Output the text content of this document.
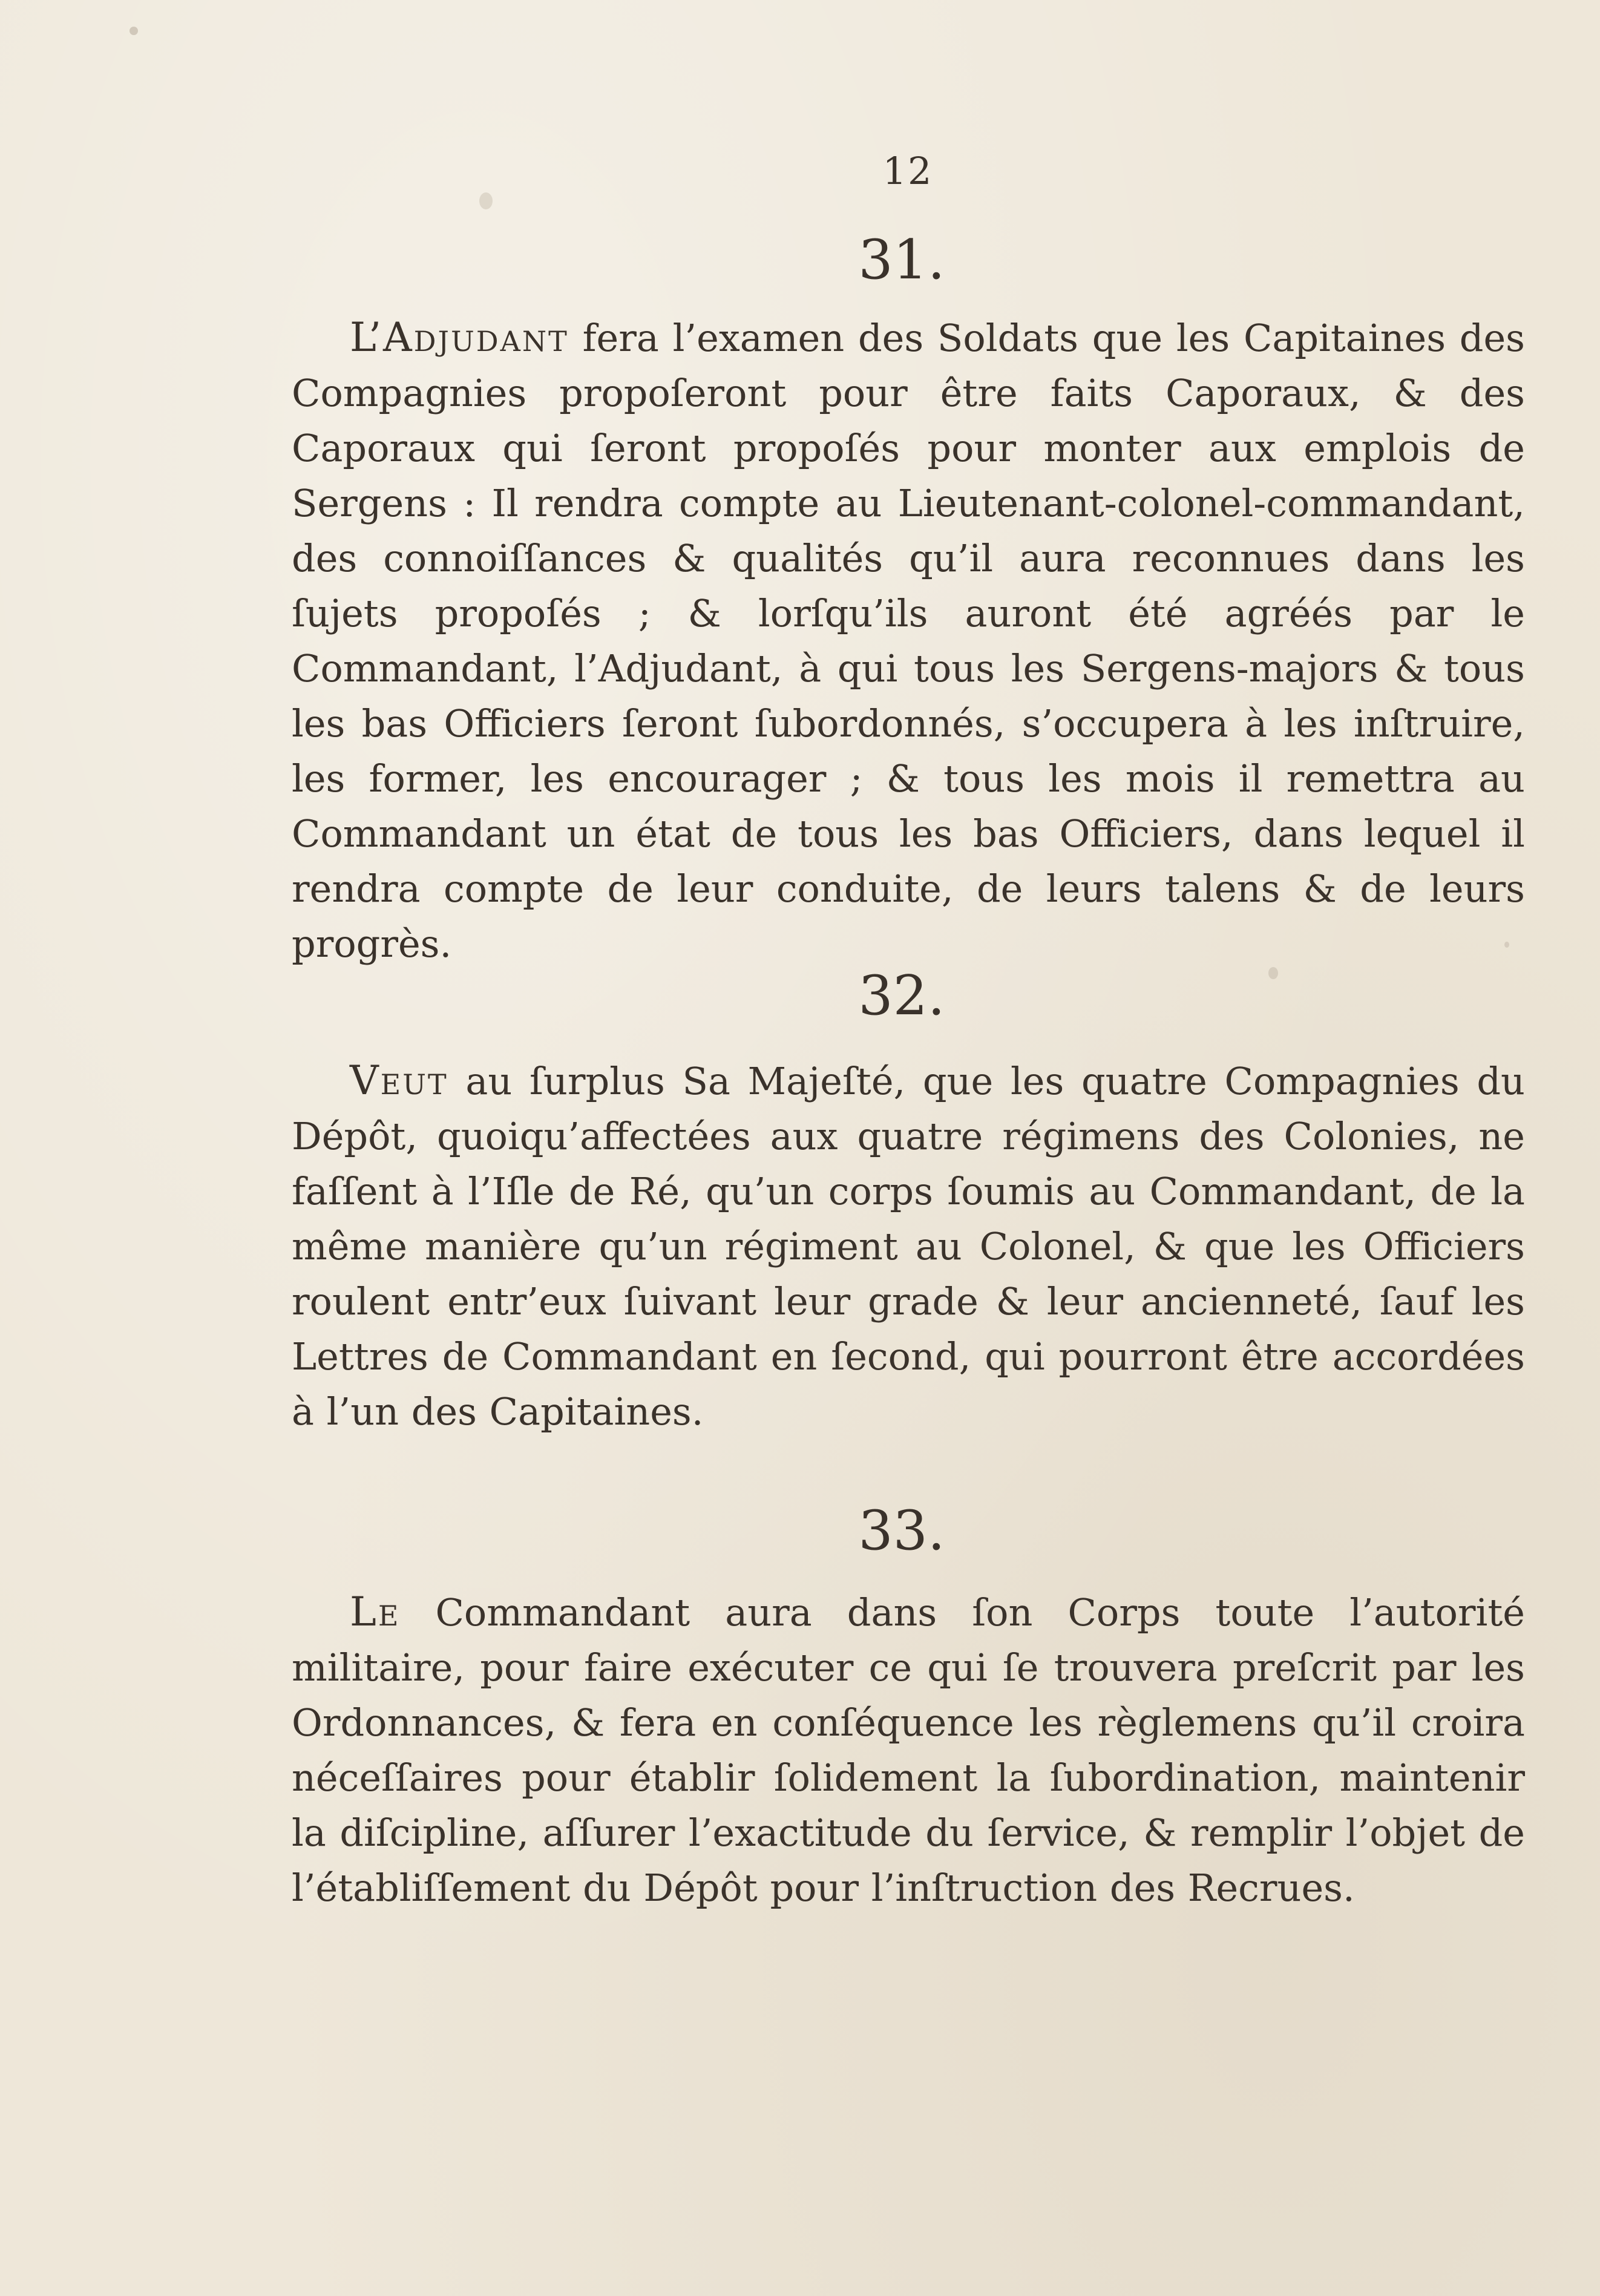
12
31.
L’Adjudant fera l’examen des Soldats que les Capitaines des Compagnies propoſeront pour être faits Caporaux, & des Caporaux qui ſeront propoſés pour monter aux emplois de Sergens : Il rendra compte au Lieutenant-colonel-commandant, des connoiſſances & qualités qu’il aura reconnues dans les ſujets propoſés ; & lorſqu’ils auront été agréés par le Commandant, l’Adjudant, à qui tous les Sergens-majors & tous les bas Officiers ſeront ſubordonnés, s’occupera à les inſtruire, les former, les encourager ; & tous les mois il remettra au Commandant un état de tous les bas Officiers, dans lequel il rendra compte de leur conduite, de leurs talens & de leurs progrès.
32.
Veut au ſurplus Sa Majeſté, que les quatre Compagnies du Dépôt, quoiqu’affectées aux quatre régimens des Colonies, ne faſſent à l’Iſle de Ré, qu’un corps ſoumis au Commandant, de la même manière qu’un régiment au Colonel, & que les Officiers roulent entr’eux ſuivant leur grade & leur ancienneté, ſauf les Lettres de Commandant en ſecond, qui pourront être accordées à l’un des Capitaines.
33.
Le Commandant aura dans ſon Corps toute l’autorité militaire, pour faire exécuter ce qui ſe trouvera preſcrit par les Ordonnances, & fera en conſéquence les règlemens qu’il croira néceſſaires pour établir ſolidement la ſubordination, maintenir la diſcipline, aſſurer l’exactitude du ſervice, & remplir l’objet de l’établiſſement du Dépôt pour l’inſtruction des Recrues.
